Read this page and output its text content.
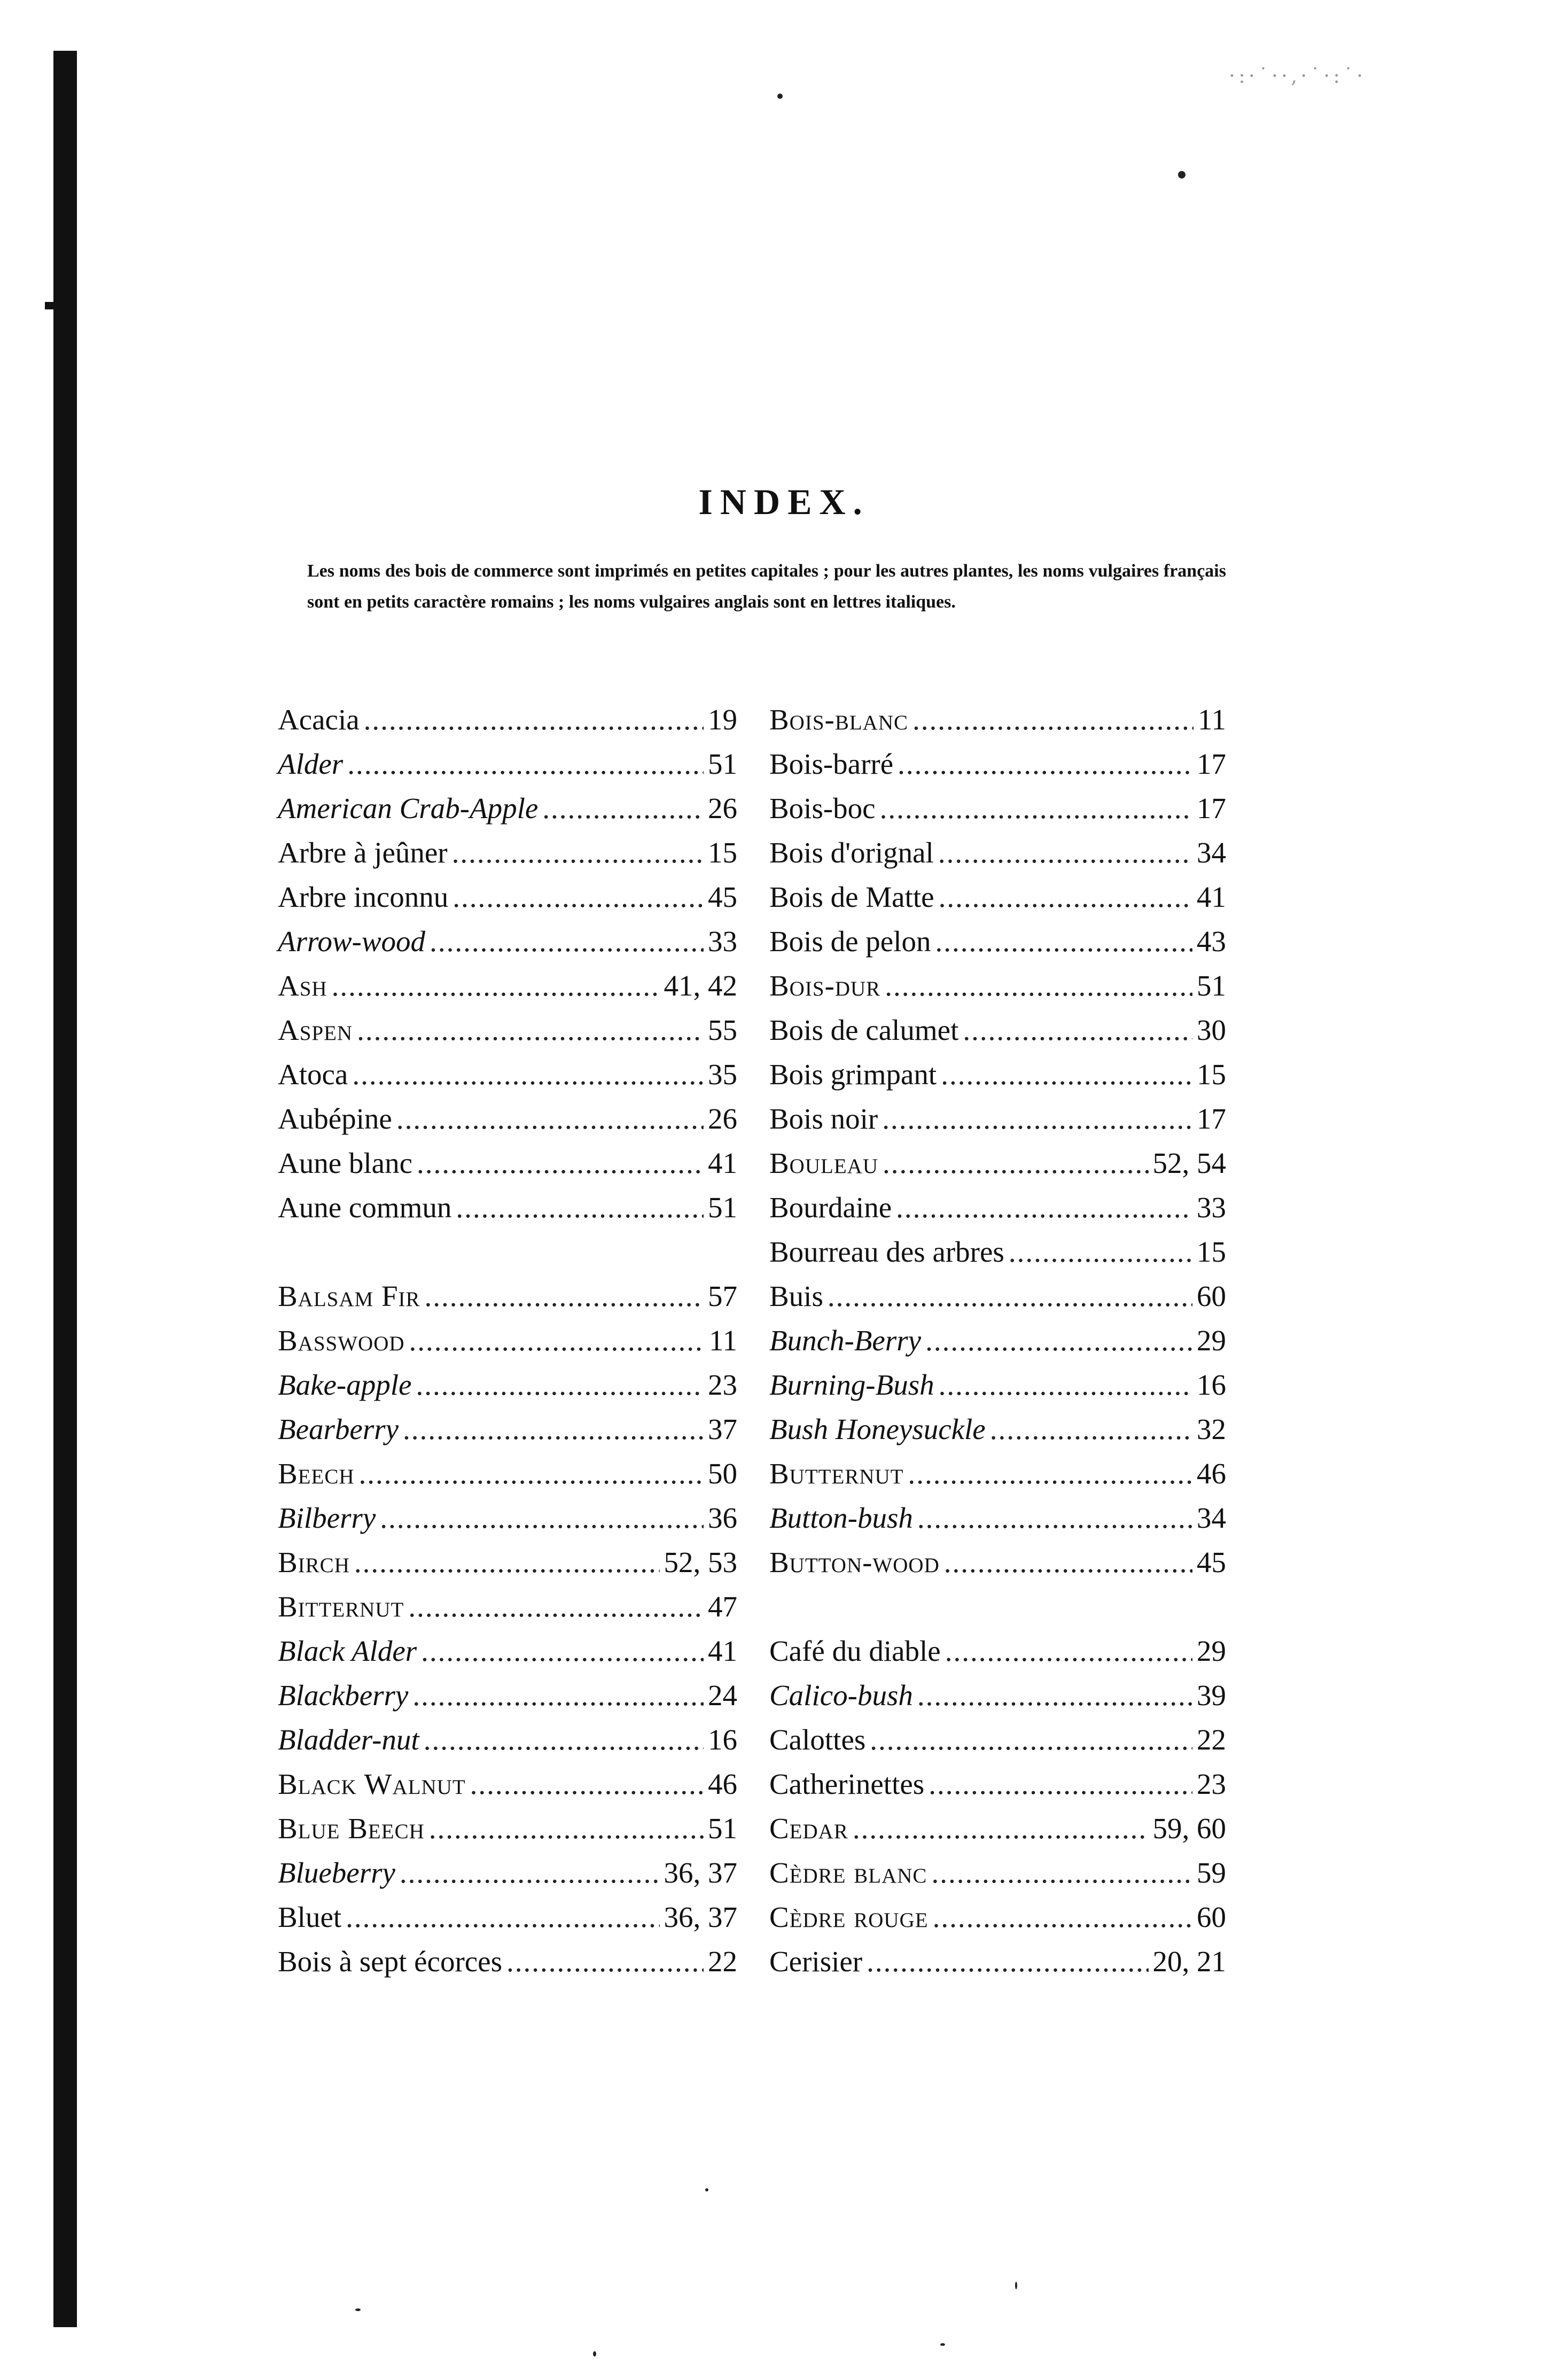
·:·˙··,·˙·:˙·
INDEX.
Les noms des bois de commerce sont imprimés en petites capitales ; pour les autres plantes, les noms vulgaires français sont en petits caractère romains ; les noms vulgaires anglais sont en lettres italiques.
Acacia .....	19
Alder .....	51
American Crab-Apple .....	26
Arbre à jeûner .....	15
Arbre inconnu .....	45
Arrow-wood .....	33
Ash .....	41, 42
Aspen .....	55
Atoca .....	35
Aubépine .....	26
Aune blanc .....	41
Aune commun .....	51
Balsam Fir .....	57
Basswood .....	11
Bake-apple .....	23
Bearberry .....	37
Beech .....	50
Bilberry .....	36
Birch .....	52, 53
Bitternut .....	47
Black Alder .....	41
Blackberry .....	24
Bladder-nut .....	16
Black Walnut .....	46
Blue Beech .....	51
Blueberry .....	36, 37
Bluet .....	36, 37
Bois à sept écorces .....	22
Bois-blanc .....	11
Bois-barré .....	17
Bois-boc .....	17
Bois d'orignal .....	34
Bois de Matte .....	41
Bois de pelon .....	43
Bois-dur .....	51
Bois de calumet .....	30
Bois grimpant .....	15
Bois noir .....	17
Bouleau .....	52, 54
Bourdaine .....	33
Bourreau des arbres .....	15
Buis .....	60
Bunch-Berry .....	29
Burning-Bush .....	16
Bush Honeysuckle .....	32
Butternut .....	46
Button-bush .....	34
Button-wood .....	45
Café du diable .....	29
Calico-bush .....	39
Calottes .....	22
Catherinettes .....	23
Cedar .....	59, 60
Cèdre blanc .....	59
Cèdre rouge .....	60
Cerisier .....	20, 21
